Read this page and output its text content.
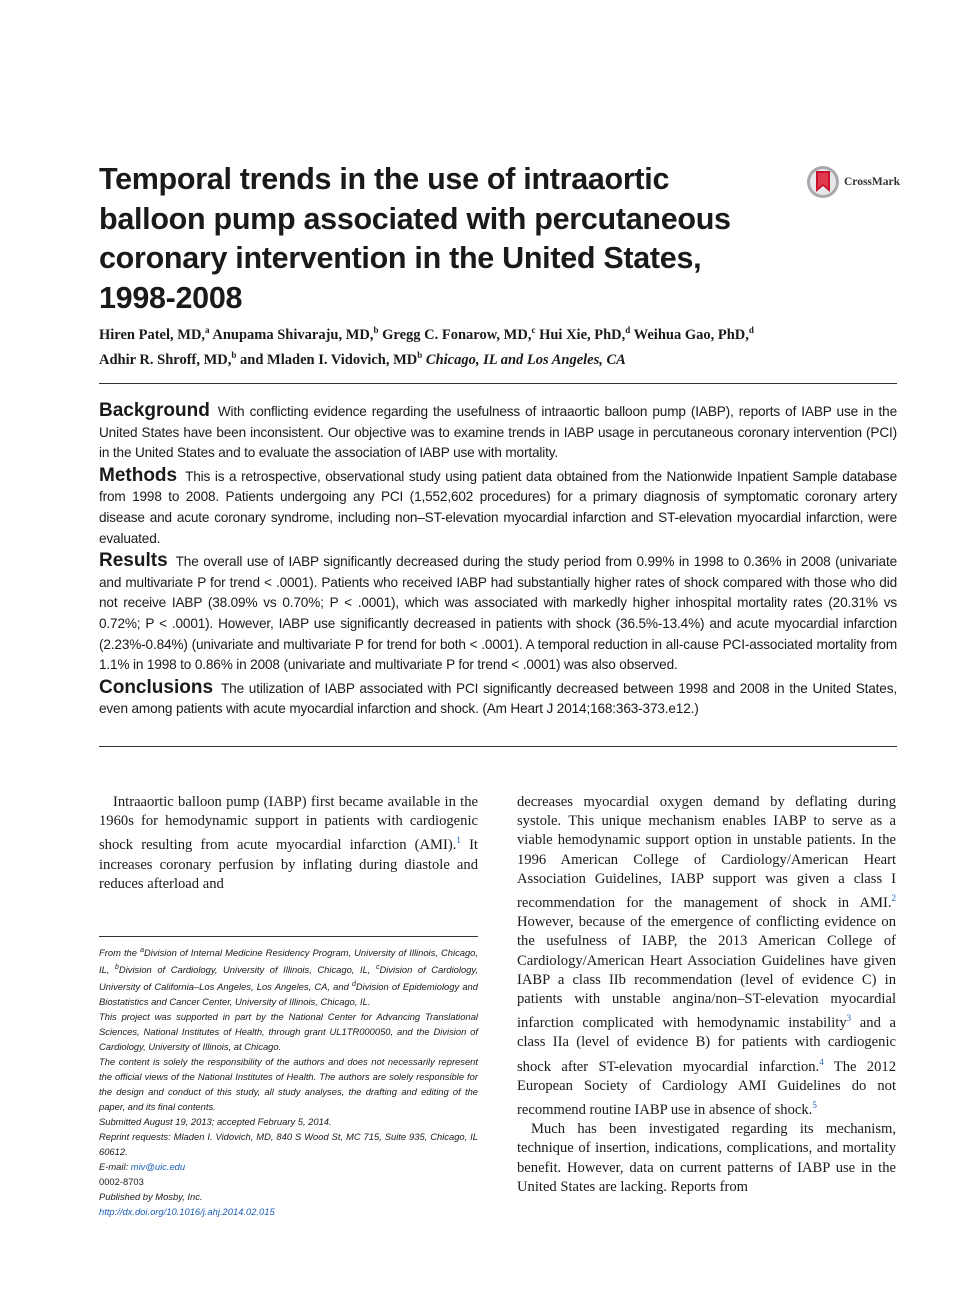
Temporal trends in the use of intraaortic balloon pump associated with percutaneous coronary intervention in the United States, 1998-2008
CrossMark
Hiren Patel, MD,$^a$ Anupama Shivaraju, MD,$^b$ Gregg C. Fonarow, MD,$^c$ Hui Xie, PhD,$^d$ Weihua Gao, PhD,$^d$
Adhir R. Shroff, MD,$^b$ and Mladen I. Vidovich, $MD^b$ Chicago, IL and Los Angeles, CA

Background With conflicting evidence regarding the usefulness of intraaortic balloon pump (IABP), reports of IABP use in the United States have been inconsistent. Our objective was to examine trends in IABP usage in percutaneous coronary intervention (PCI) in the United States and to evaluate the association of IABP use with mortality.

Methods This is a retrospective, observational study using patient data obtained from the Nationwide Inpatient Sample database from 1998 to 2008. Patients undergoing any PCI (1,552,602 procedures) for a primary diagnosis of symptomatic coronary artery disease and acute coronary syndrome, including non–ST-elevation myocardial infarction and ST-elevation myocardial infarction, were evaluated.

Results The overall use of IABP significantly decreased during the study period from 0.99% in 1998 to 0.36% in 2008 (univariate and multivariate P for trend < .0001). Patients who received IABP had substantially higher rates of shock compared with those who did not receive IABP (38.09% vs 0.70%; P < .0001), which was associated with markedly higher inhospital mortality rates (20.31% vs 0.72%; P < .0001). However, IABP use significantly decreased in patients with shock (36.5%-13.4%) and acute myocardial infarction (2.23%-0.84%) (univariate and multivariate P for trend for both < .0001). A temporal reduction in all-cause PCI-associated mortality from 1.1% in 1998 to 0.86% in 2008 (univariate and multivariate P for trend < .0001) was also observed.

Conclusions The utilization of IABP associated with PCI significantly decreased between 1998 and 2008 in the United States, even among patients with acute myocardial infarction and shock. (Am Heart J 2014;168:363-373.e12.)

Intraaortic balloon pump (IABP) first became available in the 1960s for hemodynamic support in patients with cardiogenic shock resulting from acute myocardial infarction (AMI).$^1$ It increases coronary perfusion by inflating during diastole and reduces afterload and

From the $^a$Division of Internal Medicine Residency Program, University of Illinois, Chicago, IL, $^b$Division of Cardiology, University of Illinois, Chicago, IL, $^c$Division of Cardiology, University of California–Los Angeles, Los Angeles, CA, and $^d$Division of Epidemiology and Biostatistics and Cancer Center, University of Illinois, Chicago, IL.
This project was supported in part by the National Center for Advancing Translational Sciences, National Institutes of Health, through grant UL1TR000050, and the Division of Cardiology, University of Illinois, at Chicago.
The content is solely the responsibility of the authors and does not necessarily represent the official views of the National Institutes of Health. The authors are solely responsible for the design and conduct of this study, all study analyses, the drafting and editing of the paper, and its final contents.
Submitted August 19, 2013; accepted February 5, 2014.
Reprint requests: Mladen I. Vidovich, MD, 840 S Wood St, MC 715, Suite 935, Chicago, IL 60612.
E-mail: miv@uic.edu
0002-8703
Published by Mosby, Inc.
http://dx.doi.org/10.1016/j.ahj.2014.02.015

decreases myocardial oxygen demand by deflating during systole. This unique mechanism enables IABP to serve as a viable hemodynamic support option in unstable patients. In the 1996 American College of Cardiology/American Heart Association Guidelines, IABP support was given a class I recommendation for the management of shock in AMI.$^2$ However, because of the emergence of conflicting evidence on the usefulness of IABP, the 2013 American College of Cardiology/American Heart Association Guidelines have given IABP a class IIb recommendation (level of evidence C) in patients with unstable angina/non–ST-elevation myocardial infarction complicated with hemodynamic instability$^3$ and a class IIa (level of evidence B) for patients with cardiogenic shock after ST-elevation myocardial infarction.$^4$ The 2012 European Society of Cardiology AMI Guidelines do not recommend routine IABP use in absence of shock.$^5$

Much has been investigated regarding its mechanism, technique of insertion, indications, complications, and mortality benefit. However, data on current patterns of IABP use in the United States are lacking. Reports from
